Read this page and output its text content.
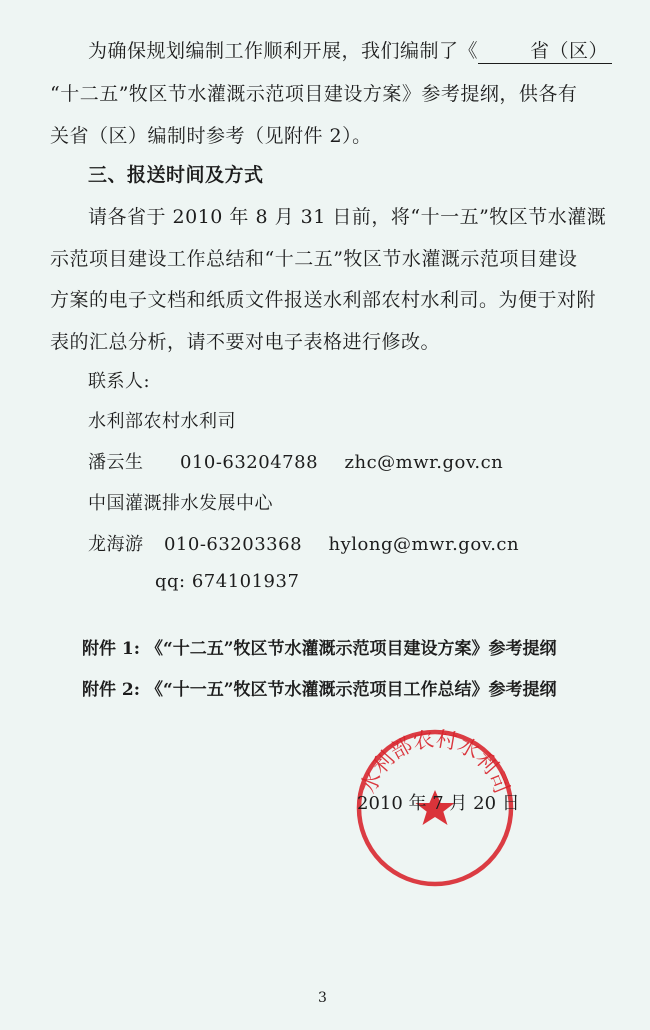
为确保规划编制工作顺利开展，我们编制了《	省（区）
“十二五”牧区节水灌溉示范项目建设方案》参考提纲，供各有
关省（区）编制时参考（见附件 2）。
三、报送时间及方式
请各省于 2010 年 8 月 31 日前，将“十一五”牧区节水灌溉
示范项目建设工作总结和“十二五”牧区节水灌溉示范项目建设
方案的电子文档和纸质文件报送水利部农村水利司。为便于对附
表的汇总分析，请不要对电子表格进行修改。
联系人:
水利部农村水利司
潘云生 010-63204788 zhc@mwr.gov.cn
中国灌溉排水发展中心
龙海游 010-63203368 hylong@mwr.gov.cn
qq: 674101937
附件 1: 《“十二五”牧区节水灌溉示范项目建设方案》参考提纲
附件 2: 《“十一五”牧区节水灌溉示范项目工作总结》参考提纲
水利部农村水利司
2010 年 7 月 20 日
3
